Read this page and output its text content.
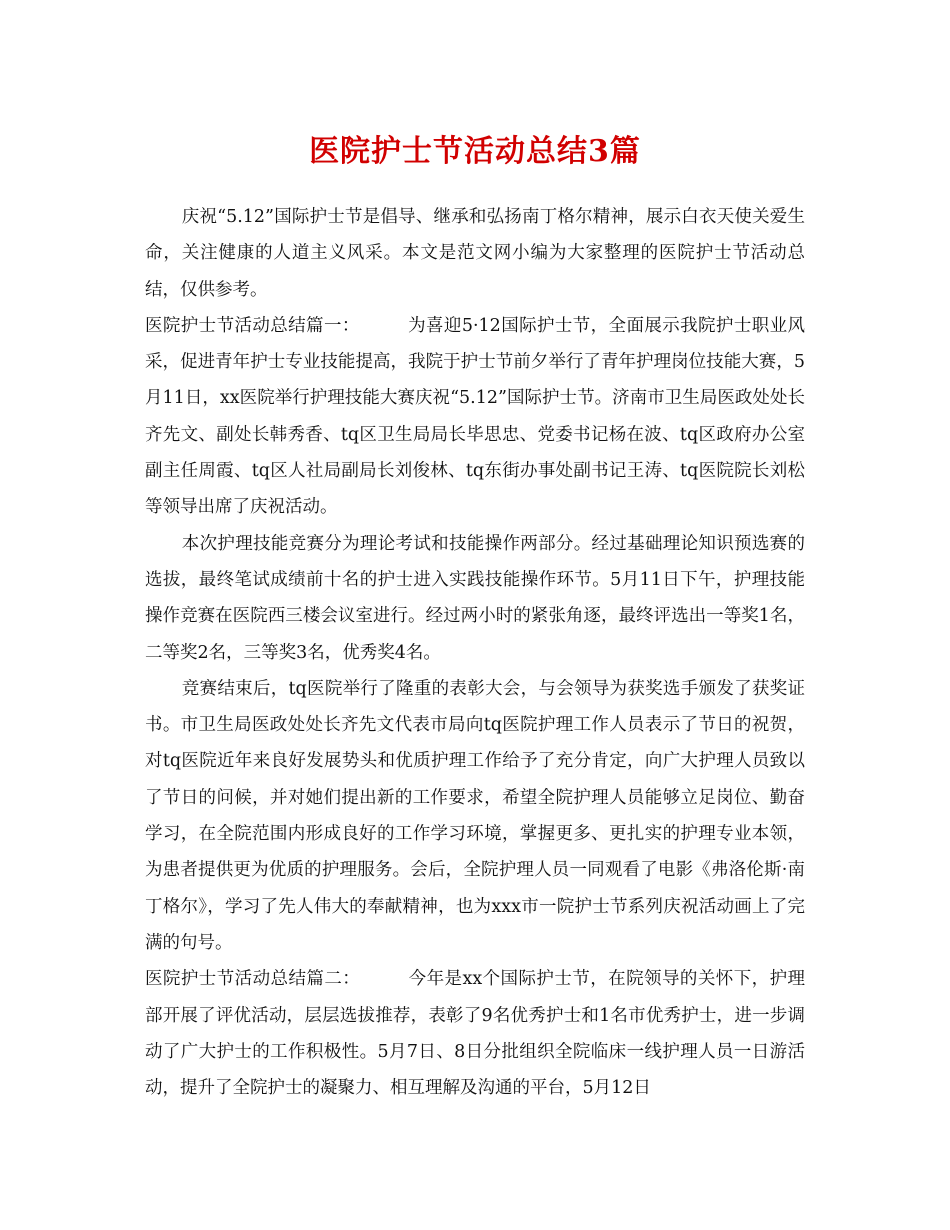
医院护士节活动总结3篇

庆祝“5.12”国际护士节是倡导、继承和弘扬南丁格尔精神，展示白衣天使关爱生命，关注健康的人道主义风采。本文是范文网小编为大家整理的医院护士节活动总结，仅供参考。

医院护士节活动总结篇一：	为喜迎5·12国际护士节，全面展示我院护士职业风采，促进青年护士专业技能提高，我院于护士节前夕举行了青年护理岗位技能大赛，5月11日，xx医院举行护理技能大赛庆祝“5.12”国际护士节。济南市卫生局医政处处长齐先文、副处长韩秀香、tq区卫生局局长毕思忠、党委书记杨在波、tq区政府办公室副主任周霞、tq区人社局副局长刘俊林、tq东街办事处副书记王涛、tq医院院长刘松等领导出席了庆祝活动。

本次护理技能竞赛分为理论考试和技能操作两部分。经过基础理论知识预选赛的选拔，最终笔试成绩前十名的护士进入实践技能操作环节。5月11日下午，护理技能操作竞赛在医院西三楼会议室进行。经过两小时的紧张角逐，最终评选出一等奖1名，二等奖2名，三等奖3名，优秀奖4名。

竞赛结束后，tq医院举行了隆重的表彰大会，与会领导为获奖选手颁发了获奖证书。市卫生局医政处处长齐先文代表市局向tq医院护理工作人员表示了节日的祝贺，对tq医院近年来良好发展势头和优质护理工作给予了充分肯定，向广大护理人员致以了节日的问候，并对她们提出新的工作要求，希望全院护理人员能够立足岗位、勤奋学习，在全院范围内形成良好的工作学习环境，掌握更多、更扎实的护理专业本领，为患者提供更为优质的护理服务。会后，全院护理人员一同观看了电影《弗洛伦斯·南丁格尔》，学习了先人伟大的奉献精神，也为xxx市一院护士节系列庆祝活动画上了完满的句号。

医院护士节活动总结篇二：	今年是xx个国际护士节，在院领导的关怀下，护理部开展了评优活动，层层选拔推荐，表彰了9名优秀护士和1名市优秀护士，进一步调动了广大护士的工作积极性。5月7日、8日分批组织全院临床一线护理人员一日游活动，提升了全院护士的凝聚力、相互理解及沟通的平台，5月12日
